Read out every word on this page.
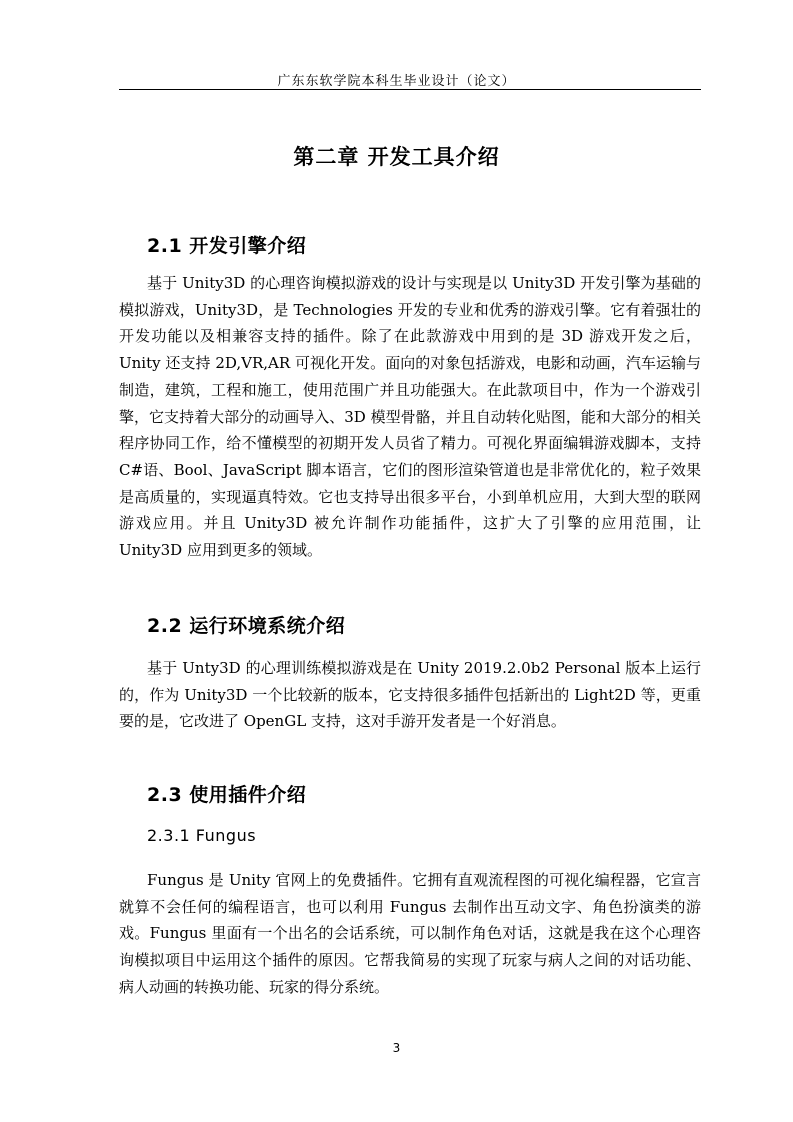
广东东软学院本科生毕业设计（论文）
第二章 开发工具介绍
2.1 开发引擎介绍
基于 Unity3D 的心理咨询模拟游戏的设计与实现是以 Unity3D 开发引擎为基础的模拟游戏，Unity3D，是 Technologies 开发的专业和优秀的游戏引擎。它有着强壮的开发功能以及相兼容支持的插件。除了在此款游戏中用到的是 3D 游戏开发之后，Unity 还支持 2D,VR,AR 可视化开发。面向的对象包括游戏，电影和动画，汽车运输与制造，建筑，工程和施工，使用范围广并且功能强大。在此款项目中，作为一个游戏引擎，它支持着大部分的动画导入、3D 模型骨骼，并且自动转化贴图，能和大部分的相关程序协同工作，给不懂模型的初期开发人员省了精力。可视化界面编辑游戏脚本，支持 C#语、Bool、JavaScript 脚本语言，它们的图形渲染管道也是非常优化的，粒子效果是高质量的，实现逼真特效。它也支持导出很多平台，小到单机应用，大到大型的联网游戏应用。并且 Unity3D 被允许制作功能插件，这扩大了引擎的应用范围，让 Unity3D 应用到更多的领域。
2.2 运行环境系统介绍
基于 Unty3D 的心理训练模拟游戏是在 Unity 2019.2.0b2 Personal 版本上运行的，作为 Unity3D 一个比较新的版本，它支持很多插件包括新出的 Light2D 等，更重要的是，它改进了 OpenGL 支持，这对手游开发者是一个好消息。
2.3 使用插件介绍
2.3.1 Fungus
Fungus 是 Unity 官网上的免费插件。它拥有直观流程图的可视化编程器，它宣言就算不会任何的编程语言，也可以利用 Fungus 去制作出互动文字、角色扮演类的游戏。Fungus 里面有一个出名的会话系统，可以制作角色对话，这就是我在这个心理咨询模拟项目中运用这个插件的原因。它帮我简易的实现了玩家与病人之间的对话功能、病人动画的转换功能、玩家的得分系统。
3
